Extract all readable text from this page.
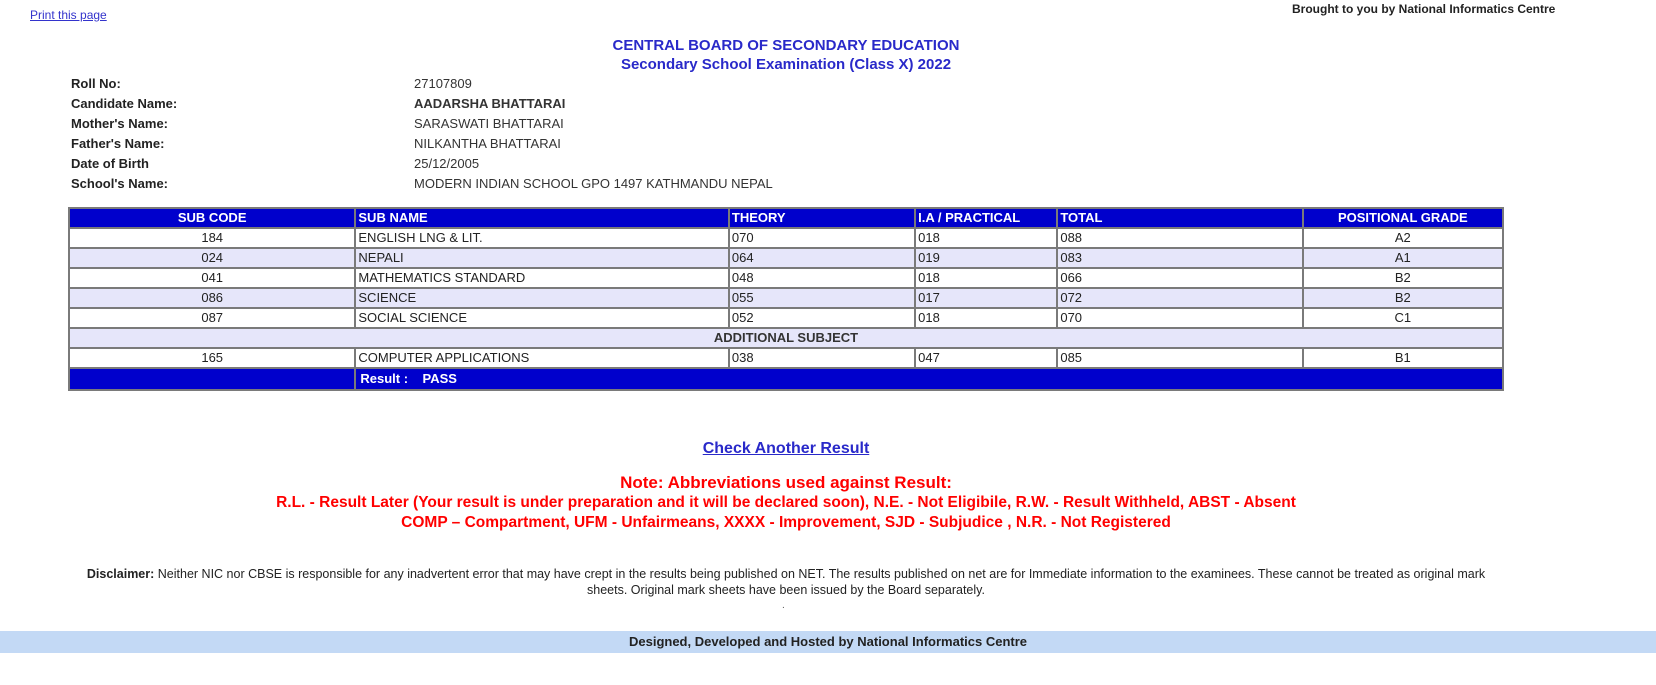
Print this page	Brought to you by National Informatics Centre
CENTRAL BOARD OF SECONDARY EDUCATION
Secondary School Examination (Class X) 2022
Roll No:	27107809
Candidate Name:	AADARSHA BHATTARAI
Mother's Name:	SARASWATI BHATTARAI
Father's Name:	NILKANTHA BHATTARAI
Date of Birth	25/12/2005
School's Name:	MODERN INDIAN SCHOOL GPO 1497 KATHMANDU NEPAL
SUB CODE	SUB NAME	THEORY	I.A / PRACTICAL	TOTAL	POSITIONAL GRADE
184	ENGLISH LNG & LIT.	070	018	088	A2
024	NEPALI	064	019	083	A1
041	MATHEMATICS STANDARD	048	018	066	B2
086	SCIENCE	055	017	072	B2
087	SOCIAL SCIENCE	052	018	070	C1
ADDITIONAL SUBJECT					
165	COMPUTER APPLICATIONS	038	047	085	B1
	Result : PASS				
Check Another Result
Note: Abbreviations used against Result:
R.L. - Result Later (Your result is under preparation and it will be declared soon), N.E. - Not Eligibile, R.W. - Result Withheld, ABST - Absent
COMP – Compartment, UFM - Unfairmeans, XXXX - Improvement, SJD - Subjudice , N.R. - Not Registered
Disclaimer: Neither NIC nor CBSE is responsible for any inadvertent error that may have crept in the results being published on NET. The results published on net are for Immediate information to the examinees. These cannot be treated as original mark sheets. Original mark sheets have been issued by the Board separately.
.
Designed, Developed and Hosted by National Informatics Centre
